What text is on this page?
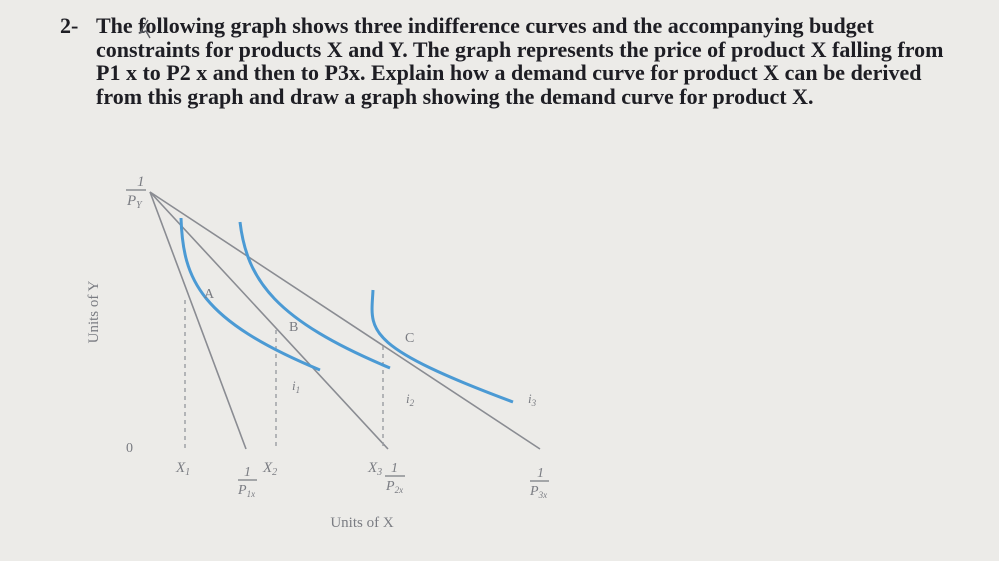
2- The following graph shows three indifference curves and the accompanying budget
constraints for products X and Y. The graph represents the price of product X falling from
P1 x to P2 x and then to P3x. Explain how a demand curve for product X can be derived
from this graph and draw a graph showing the demand curve for product X.
Units of Y
Units of X
0
1
$P_Y$
A
B
C
$i_1$
$i_2$	$i_3$
$X_1$	1
$P_{1x}$
$X_2$	$X_3$ 1
$P_{2x}$
1
$P_{3x}$
